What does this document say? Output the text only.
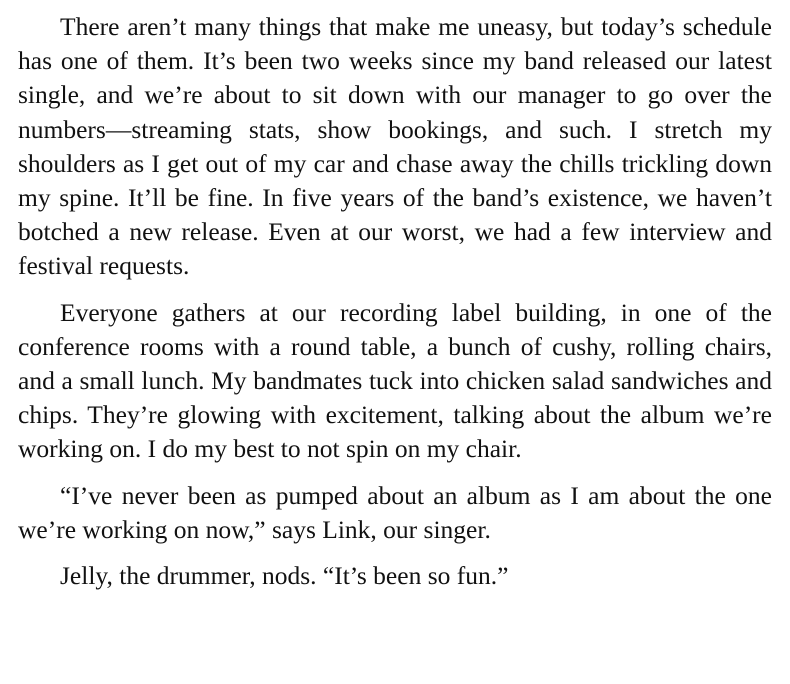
There aren’t many things that make me uneasy, but today’s schedule has one of them. It’s been two weeks since my band released our latest single, and we’re about to sit down with our manager to go over the numbers—streaming stats, show bookings, and such. I stretch my shoulders as I get out of my car and chase away the chills trickling down my spine. It’ll be fine. In five years of the band’s existence, we haven’t botched a new release. Even at our worst, we had a few interview and festival requests.

Everyone gathers at our recording label building, in one of the conference rooms with a round table, a bunch of cushy, rolling chairs, and a small lunch. My bandmates tuck into chicken salad sandwiches and chips. They’re glowing with excitement, talking about the album we’re working on. I do my best to not spin on my chair.

“I’ve never been as pumped about an album as I am about the one we’re working on now,” says Link, our singer.

Jelly, the drummer, nods. “It’s been so fun.”
